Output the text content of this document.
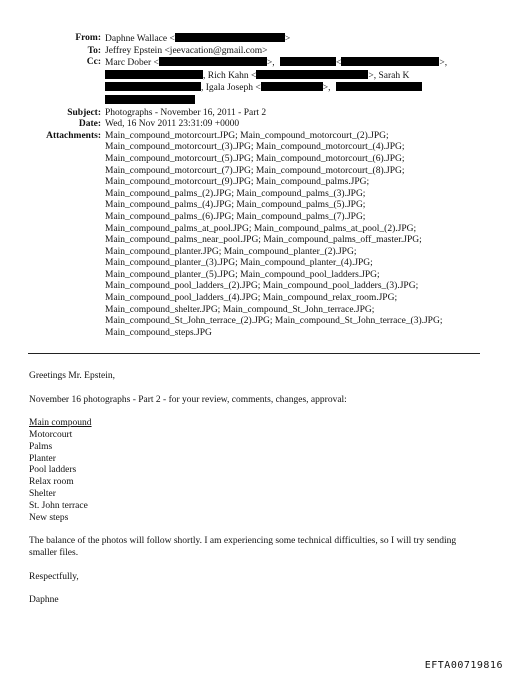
From: Daphne Wallace <	>
To: Jeffrey Epstein <jeevacation@gmail.com>
Cc: Marc Dober <	>,	<	>,
, Rich Kahn <	>, Sarah K
, Igala Joseph <	>,
Subject: Photographs - November 16, 2011 - Part 2
Date: Wed, 16 Nov 2011 23:31:09 +0000
Attachments: Main_compound_motorcourt.JPG; Main_compound_motorcourt_(2).JPG;
Main_compound_motorcourt_(3).JPG; Main_compound_motorcourt_(4).JPG;
Main_compound_motorcourt_(5).JPG; Main_compound_motorcourt_(6).JPG;
Main_compound_motorcourt_(7).JPG; Main_compound_motorcourt_(8).JPG;
Main_compound_motorcourt_(9).JPG; Main_compound_palms.JPG;
Main_compound_palms_(2).JPG; Main_compound_palms_(3).JPG;
Main_compound_palms_(4).JPG; Main_compound_palms_(5).JPG;
Main_compound_palms_(6).JPG; Main_compound_palms_(7).JPG;
Main_compound_palms_at_pool.JPG; Main_compound_palms_at_pool_(2).JPG;
Main_compound_palms_near_pool.JPG; Main_compound_palms_off_master.JPG;
Main_compound_planter.JPG; Main_compound_planter_(2).JPG;
Main_compound_planter_(3).JPG; Main_compound_planter_(4).JPG;
Main_compound_planter_(5).JPG; Main_compound_pool_ladders.JPG;
Main_compound_pool_ladders_(2).JPG; Main_compound_pool_ladders_(3).JPG;
Main_compound_pool_ladders_(4).JPG; Main_compound_relax_room.JPG;
Main_compound_shelter.JPG; Main_compound_St_John_terrace.JPG;
Main_compound_St_John_terrace_(2).JPG; Main_compound_St_John_terrace_(3).JPG;
Main_compound_steps.JPG

Greetings Mr. Epstein,

November 16 photographs - Part 2 - for your review, comments, changes, approval:

Main compound

Motorcourt

Palms

Planter

Pool ladders

Relax room

Shelter

St. John terrace

New steps

The balance of the photos will follow shortly. I am experiencing some technical difficulties, so I will try sending

smaller files.

Respectfully,

Daphne

EFTA00719816
